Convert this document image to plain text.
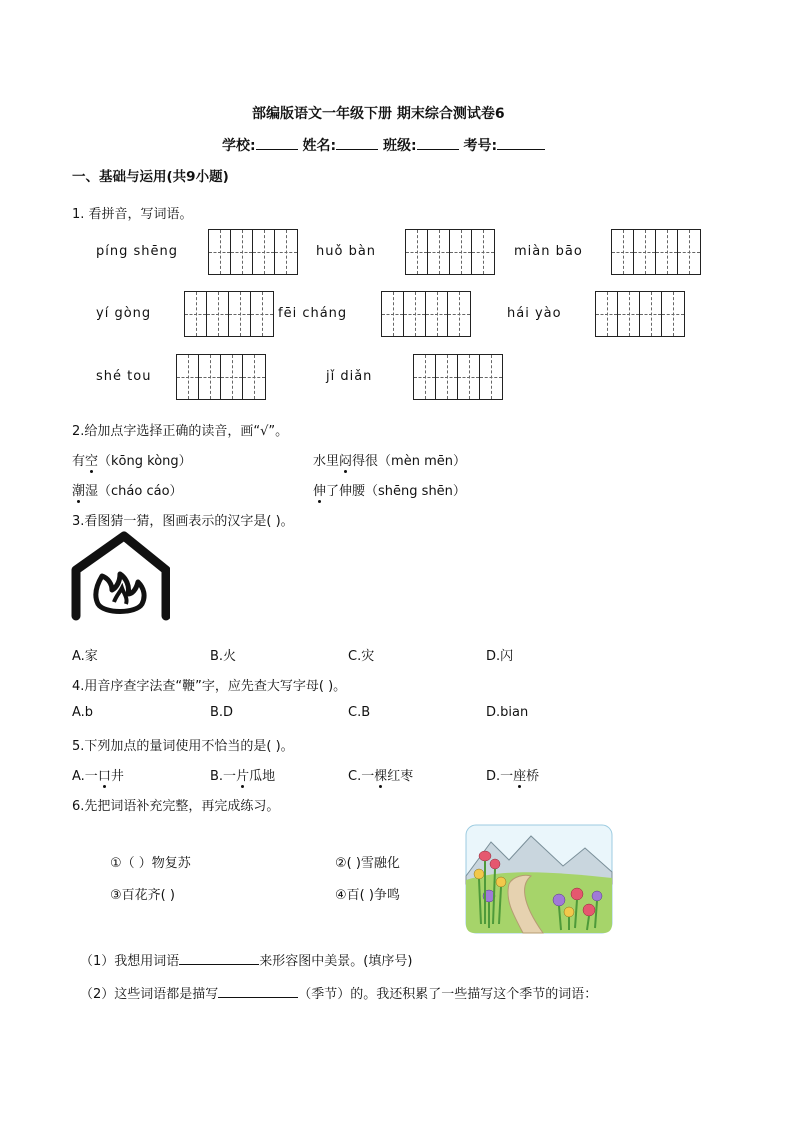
部编版语文一年级下册 期末综合测试卷6
学校:	姓名:	班级:	考号:
一、基础与运用(共9小题)
1. 看拼音，写词语。
píng shēng	huǒ bàn	miàn bāo
yí gòng	fēi cháng	hái yào
shé tou	jǐ diǎn
2.给加点字选择正确的读音，画“√”。
有空（kōng kòng）	水里闷得很（mèn mēn）
潮湿（cháo cáo）	伸了伸腰（shēng shēn）
3.看图猜一猜，图画表示的汉字是( )。
A.家	B.火	C.灾	D.闪
4.用音序查字法查“鞭”字，应先查大写字母( )。
A.b	B.D	C.B	D.bian
5.下列加点的量词使用不恰当的是( )。
A.一口井	B.一片瓜地	C.一棵红枣	D.一座桥
6.先把词语补充完整，再完成练习。
①（ ）物复苏	②( )雪融化
③百花齐( )	④百( )争鸣
（1）我想用词语	来形容图中美景。(填序号)
（2）这些词语都是描写	（季节）的。我还积累了一些描写这个季节的词语：
